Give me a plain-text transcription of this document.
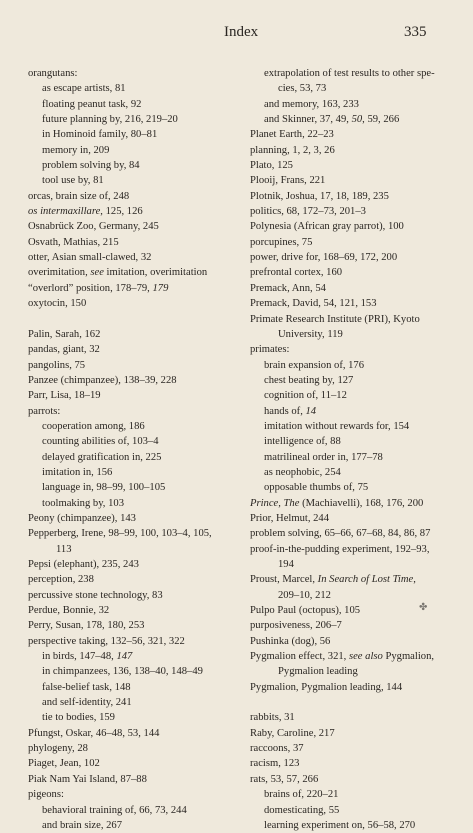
Index	335
orangutans:
as escape artists, 81
floating peanut task, 92
future planning by, 216, 219–20
in Hominoid family, 80–81
memory in, 209
problem solving by, 84
tool use by, 81
orcas, brain size of, 248
os intermaxillare, 125, 126
Osnabrück Zoo, Germany, 245
Osvath, Mathias, 215
otter, Asian small-clawed, 32
overimitation, see imitation, overimitation
“overlord” position, 178–79, 179
oxytocin, 150
Palin, Sarah, 162
pandas, giant, 32
pangolins, 75
Panzee (chimpanzee), 138–39, 228
Parr, Lisa, 18–19
parrots:
cooperation among, 186
counting abilities of, 103–4
delayed gratification in, 225
imitation in, 156
language in, 98–99, 100–105
toolmaking by, 103
Peony (chimpanzee), 143
Pepperberg, Irene, 98–99, 100, 103–4, 105,
113
Pepsi (elephant), 235, 243
perception, 238
percussive stone technology, 83
Perdue, Bonnie, 32
Perry, Susan, 178, 180, 253
perspective taking, 132–56, 321, 322
in birds, 147–48, 147
in chimpanzees, 136, 138–40, 148–49
false-belief task, 148
and self-identity, 241
tie to bodies, 159
Pfungst, Oskar, 46–48, 53, 144
phylogeny, 28
Piaget, Jean, 102
Piak Nam Yai Island, 87–88
pigeons:
behavioral training of, 66, 73, 244
and brain size, 267
extrapolation of test results to other spe-
cies, 53, 73
and memory, 163, 233
and Skinner, 37, 49, 50, 59, 266
Planet Earth, 22–23
planning, 1, 2, 3, 26
Plato, 125
Plooij, Frans, 221
Plotnik, Joshua, 17, 18, 189, 235
politics, 68, 172–73, 201–3
Polynesia (African gray parrot), 100
porcupines, 75
power, drive for, 168–69, 172, 200
prefrontal cortex, 160
Premack, Ann, 54
Premack, David, 54, 121, 153
Primate Research Institute (PRI), Kyoto
University, 119
primates:
brain expansion of, 176
chest beating by, 127
cognition of, 11–12
hands of, 14
imitation without rewards for, 154
intelligence of, 88
matrilineal order in, 177–78
as neophobic, 254
opposable thumbs of, 75
Prince, The (Machiavelli), 168, 176, 200
Prior, Helmut, 244
problem solving, 65–66, 67–68, 84, 86, 87
proof-in-the-pudding experiment, 192–93,
194
Proust, Marcel, In Search of Lost Time,
209–10, 212
Pulpo Paul (octopus), 105
purposiveness, 206–7
Pushinka (dog), 56
Pygmalion effect, 321, see also Pygmalion,
Pygmalion leading
Pygmalion, Pygmalion leading, 144
rabbits, 31
Raby, Caroline, 217
raccoons, 37
racism, 123
rats, 53, 57, 266
brains of, 220–21
domesticating, 55
learning experiment on, 56–58, 270
✤
